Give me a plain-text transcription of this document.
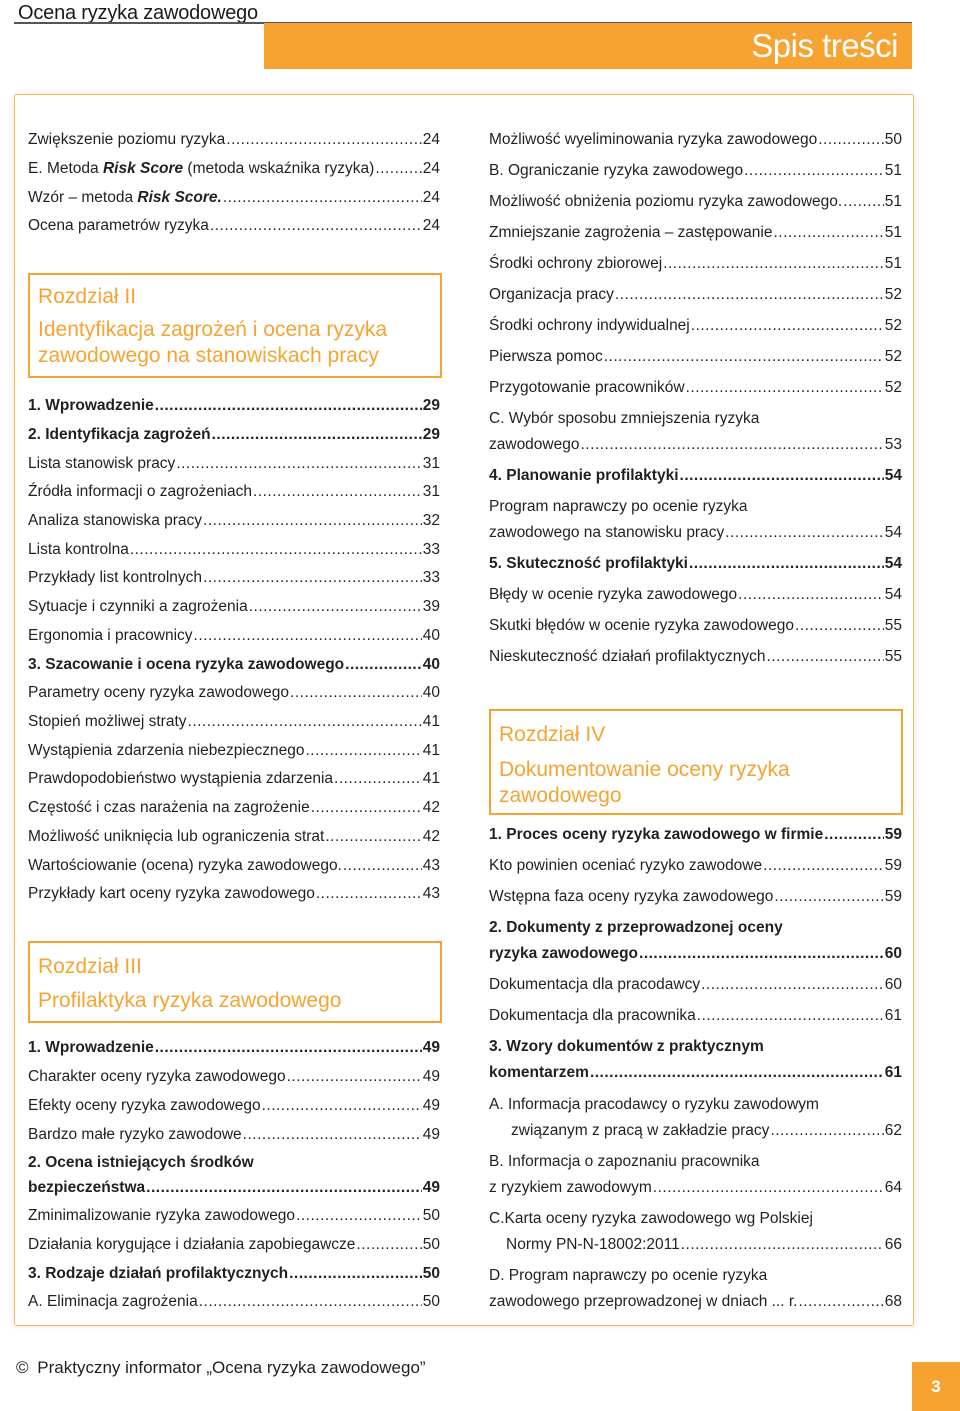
Ocena ryzyka zawodowego
Spis treści
Zwiększenie poziomu ryzyka .....	24
E. Metoda Risk Score (metoda wskaźnika ryzyka) .....	24
Wzór – metoda Risk Score. .....	24
Ocena parametrów ryzyka .....	24
Rozdział II
Identyfikacja zagrożeń i ocena ryzyka zawodowego na stanowiskach pracy
1. Wprowadzenie .....	29
2. Identyfikacja zagrożeń .....	29
Lista stanowisk pracy .....	31
Źródła informacji o zagrożeniach .....	31
Analiza stanowiska pracy .....	32
Lista kontrolna .....	33
Przykłady list kontrolnych .....	33
Sytuacje i czynniki a zagrożenia .....	39
Ergonomia i pracownicy .....	40
3. Szacowanie i ocena ryzyka zawodowego .....	40
Parametry oceny ryzyka zawodowego .....	40
Stopień możliwej straty .....	41
Wystąpienia zdarzenia niebezpiecznego .....	41
Prawdopodobieństwo wystąpienia zdarzenia .....	41
Częstość i czas narażenia na zagrożenie .....	42
Możliwość uniknięcia lub ograniczenia strat .....	42
Wartościowanie (ocena) ryzyka zawodowego. .....	43
Przykłady kart oceny ryzyka zawodowego .....	43
Rozdział III
Profilaktyka ryzyka zawodowego
1. Wprowadzenie .....	49
Charakter oceny ryzyka zawodowego .....	49
Efekty oceny ryzyka zawodowego .....	49
Bardzo małe ryzyko zawodowe .....	49
2. Ocena istniejących środków
bezpieczeństwa .....	49
Zminimalizowanie ryzyka zawodowego .....	50
Działania korygujące i działania zapobiegawcze .....	50
3. Rodzaje działań profilaktycznych .....	50
A. Eliminacja zagrożenia .....	50
Możliwość wyeliminowania ryzyka zawodowego .....	50
B. Ograniczanie ryzyka zawodowego .....	51
Możliwość obniżenia poziomu ryzyka zawodowego. .....	51
Zmniejszanie zagrożenia – zastępowanie .....	51
Środki ochrony zbiorowej .....	51
Organizacja pracy .....	52
Środki ochrony indywidualnej .....	52
Pierwsza pomoc .....	52
Przygotowanie pracowników .....	52
C. Wybór sposobu zmniejszenia ryzyka
zawodowego .....	53
4. Planowanie profilaktyki .....	54
Program naprawczy po ocenie ryzyka
zawodowego na stanowisku pracy .....	54
5. Skuteczność profilaktyki .....	54
Błędy w ocenie ryzyka zawodowego .....	54
Skutki błędów w ocenie ryzyka zawodowego .....	55
Nieskuteczność działań profilaktycznych .....	55
Rozdział IV
Dokumentowanie oceny ryzyka zawodowego
1. Proces oceny ryzyka zawodowego w firmie .....	59
Kto powinien oceniać ryzyko zawodowe .....	59
Wstępna faza oceny ryzyka zawodowego .....	59
2. Dokumenty z przeprowadzonej oceny
ryzyka zawodowego .....	60
Dokumentacja dla pracodawcy .....	60
Dokumentacja dla pracownika .....	61
3. Wzory dokumentów z praktycznym
komentarzem .....	61
A. Informacja pracodawcy o ryzyku zawodowym
związanym z pracą w zakładzie pracy .....	62
B. Informacja o zapoznaniu pracownika
z ryzykiem zawodowym .....	64
C.Karta oceny ryzyka zawodowego wg Polskiej
Normy PN-N-18002:2011 .....	66
D. Program naprawczy po ocenie ryzyka
zawodowego przeprowadzonej w dniach ... r. .....	68
© Praktyczny informator „Ocena ryzyka zawodowego”
3
